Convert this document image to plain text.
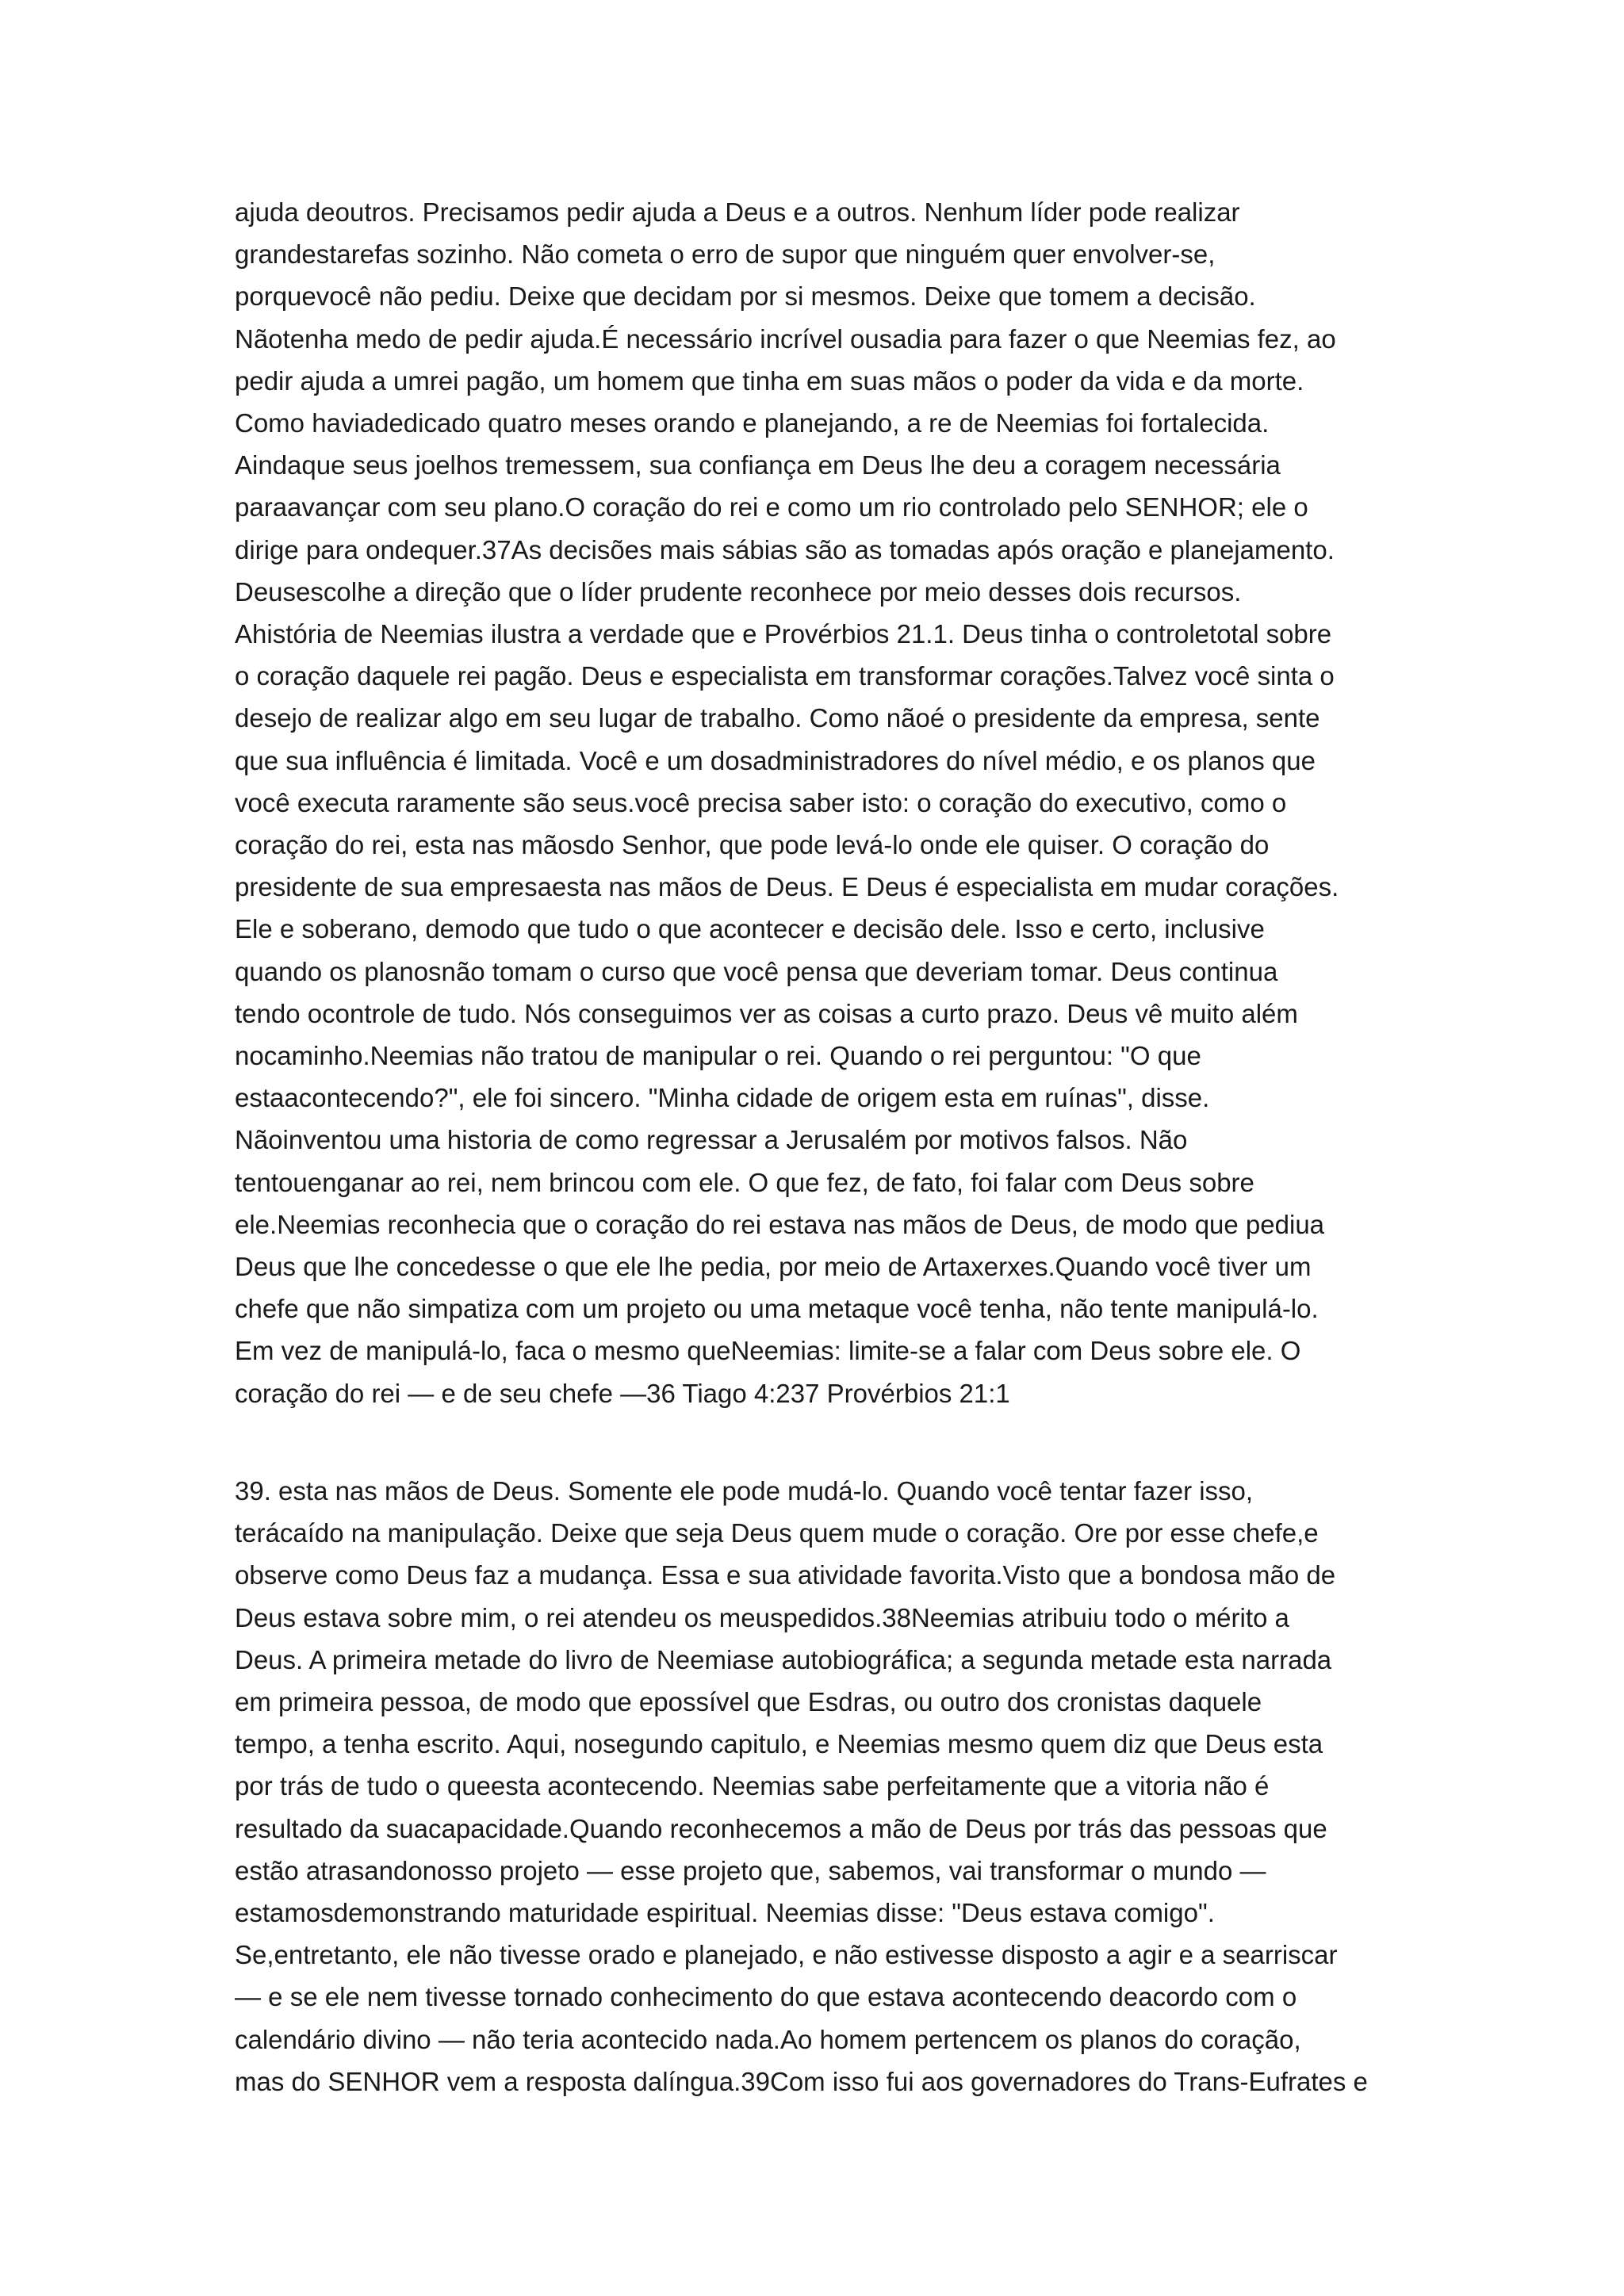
ajuda deoutros. Precisamos pedir ajuda a Deus e a outros. Nenhum líder pode realizar
grandestarefas sozinho. Não cometa o erro de supor que ninguém quer envolver-se,
porquevocê não pediu. Deixe que decidam por si mesmos. Deixe que tomem a decisão.
Nãotenha medo de pedir ajuda.É necessário incrível ousadia para fazer o que Neemias fez, ao
pedir ajuda a umrei pagão, um homem que tinha em suas mãos o poder da vida e da morte.
Como haviadedicado quatro meses orando e planejando, a re de Neemias foi fortalecida.
Aindaque seus joelhos tremessem, sua confiança em Deus lhe deu a coragem necessária
paraavançar com seu plano.O coração do rei e como um rio controlado pelo SENHOR; ele o
dirige para ondequer.37As decisões mais sábias são as tomadas após oração e planejamento.
Deusescolhe a direção que o líder prudente reconhece por meio desses dois recursos.
Ahistória de Neemias ilustra a verdade que e Provérbios 21.1. Deus tinha o controletotal sobre
o coração daquele rei pagão. Deus e especialista em transformar corações.Talvez você sinta o
desejo de realizar algo em seu lugar de trabalho. Como nãoé o presidente da empresa, sente
que sua influência é limitada. Você e um dosadministradores do nível médio, e os planos que
você executa raramente são seus.você precisa saber isto: o coração do executivo, como o
coração do rei, esta nas mãosdo Senhor, que pode levá-lo onde ele quiser. O coração do
presidente de sua empresaesta nas mãos de Deus. E Deus é especialista em mudar corações.
Ele e soberano, demodo que tudo o que acontecer e decisão dele. Isso e certo, inclusive
quando os planosnão tomam o curso que você pensa que deveriam tomar. Deus continua
tendo ocontrole de tudo. Nós conseguimos ver as coisas a curto prazo. Deus vê muito além
nocaminho.Neemias não tratou de manipular o rei. Quando o rei perguntou: "O que
estaacontecendo?", ele foi sincero. "Minha cidade de origem esta em ruínas", disse.
Nãoinventou uma historia de como regressar a Jerusalém por motivos falsos. Não
tentouenganar ao rei, nem brincou com ele. O que fez, de fato, foi falar com Deus sobre
ele.Neemias reconhecia que o coração do rei estava nas mãos de Deus, de modo que pediua
Deus que lhe concedesse o que ele lhe pedia, por meio de Artaxerxes.Quando você tiver um
chefe que não simpatiza com um projeto ou uma metaque você tenha, não tente manipulá-lo.
Em vez de manipulá-lo, faca o mesmo queNeemias: limite-se a falar com Deus sobre ele. O
coração do rei — e de seu chefe —36 Tiago 4:237 Provérbios 21:1
39. esta nas mãos de Deus. Somente ele pode mudá-lo. Quando você tentar fazer isso,
terácaído na manipulação. Deixe que seja Deus quem mude o coração. Ore por esse chefe,e
observe como Deus faz a mudança. Essa e sua atividade favorita.Visto que a bondosa mão de
Deus estava sobre mim, o rei atendeu os meuspedidos.38Neemias atribuiu todo o mérito a
Deus. A primeira metade do livro de Neemiase autobiográfica; a segunda metade esta narrada
em primeira pessoa, de modo que epossível que Esdras, ou outro dos cronistas daquele
tempo, a tenha escrito. Aqui, nosegundo capitulo, e Neemias mesmo quem diz que Deus esta
por trás de tudo o queesta acontecendo. Neemias sabe perfeitamente que a vitoria não é
resultado da suacapacidade.Quando reconhecemos a mão de Deus por trás das pessoas que
estão atrasandonosso projeto — esse projeto que, sabemos, vai transformar o mundo —
estamosdemonstrando maturidade espiritual. Neemias disse: "Deus estava comigo".
Se,entretanto, ele não tivesse orado e planejado, e não estivesse disposto a agir e a searriscar
— e se ele nem tivesse tornado conhecimento do que estava acontecendo deacordo com o
calendário divino — não teria acontecido nada.Ao homem pertencem os planos do coração,
mas do SENHOR vem a resposta dalíngua.39Com isso fui aos governadores do Trans-Eufrates e
